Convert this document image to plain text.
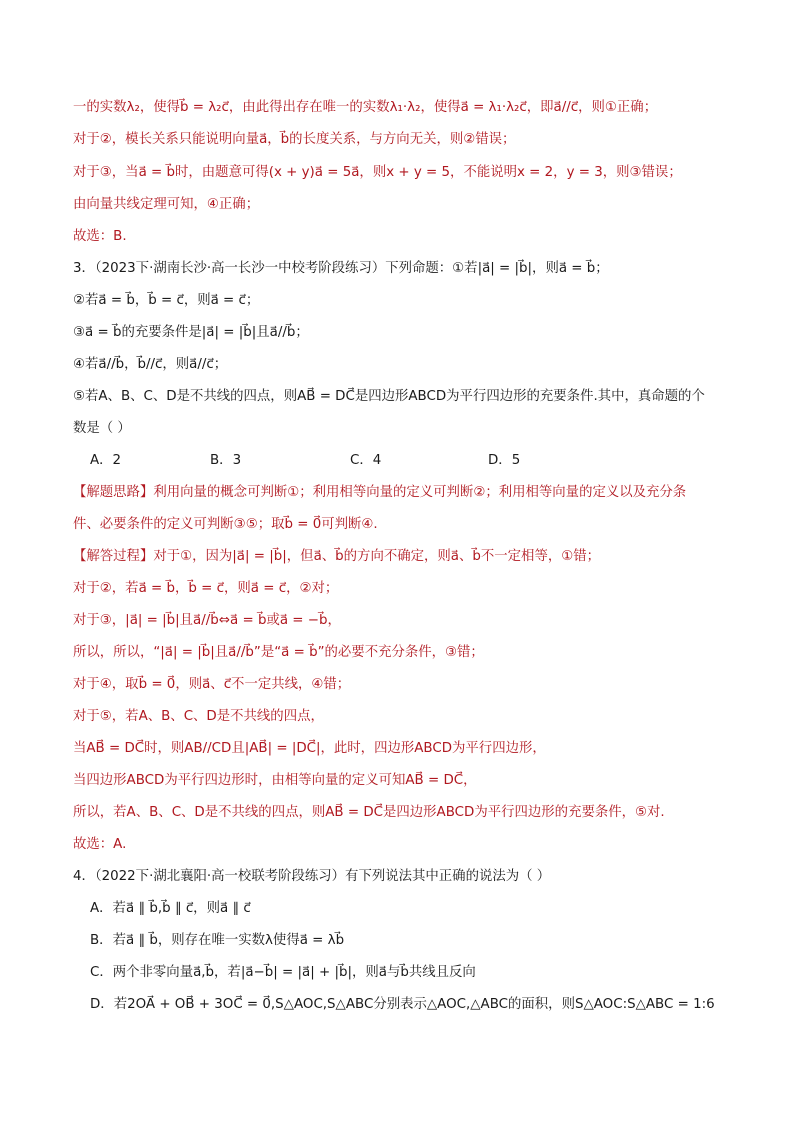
一的实数λ₂，使得b⃗ = λ₂c⃗，由此得出存在唯一的实数λ₁·λ₂，使得a⃗ = λ₁·λ₂c⃗，即a⃗//c⃗，则①正确；
对于②，模长关系只能说明向量a⃗，b⃗的长度关系，与方向无关，则②错误；
对于③，当a⃗ = b⃗时，由题意可得(x + y)a⃗ = 5a⃗，则x + y = 5，不能说明x = 2，y = 3，则③错误；
由向量共线定理可知，④正确；
故选：B.
3．（2023下·湖南长沙·高一长沙一中校考阶段练习）下列命题：①若|a⃗| = |b⃗|，则a⃗ = b⃗；
②若a⃗ = b⃗，b⃗ = c⃗，则a⃗ = c⃗；
③a⃗ = b⃗的充要条件是|a⃗| = |b⃗|且a⃗//b⃗；
④若a⃗//b⃗，b⃗//c⃗，则a⃗//c⃗；
⑤若A、B、C、D是不共线的四点，则AB⃗ = DC⃗是四边形ABCD为平行四边形的充要条件.其中，真命题的个
数是（ ）
A．2	B．3	C．4	D．5
【解题思路】利用向量的概念可判断①；利用相等向量的定义可判断②；利用相等向量的定义以及充分条
件、必要条件的定义可判断③⑤；取b⃗ = 0⃗可判断④.
【解答过程】对于①，因为|a⃗| = |b⃗|，但a⃗、b⃗的方向不确定，则a⃗、b⃗不一定相等，①错；
对于②，若a⃗ = b⃗，b⃗ = c⃗，则a⃗ = c⃗，②对；
对于③，|a⃗| = |b⃗|且a⃗//b⃗⇔a⃗ = b⃗或a⃗ = −b⃗，
所以，所以，“|a⃗| = |b⃗|且a⃗//b⃗”是“a⃗ = b⃗”的必要不充分条件，③错；
对于④，取b⃗ = 0⃗，则a⃗、c⃗不一定共线，④错；
对于⑤，若A、B、C、D是不共线的四点，
当AB⃗ = DC⃗时，则AB//CD且|AB⃗| = |DC⃗|，此时，四边形ABCD为平行四边形，
当四边形ABCD为平行四边形时，由相等向量的定义可知AB⃗ = DC⃗，
所以，若A、B、C、D是不共线的四点，则AB⃗ = DC⃗是四边形ABCD为平行四边形的充要条件，⑤对.
故选：A.
4．（2022下·湖北襄阳·高一校联考阶段练习）有下列说法其中正确的说法为（ ）
A．若a⃗ ∥ b⃗,b⃗ ∥ c⃗，则a⃗ ∥ c⃗
B．若a⃗ ∥ b⃗，则存在唯一实数λ使得a⃗ = λb⃗
C．两个非零向量a⃗,b⃗，若|a⃗−b⃗| = |a⃗| + |b⃗|，则a⃗与b⃗共线且反向
D．若2OA⃗ + OB⃗ + 3OC⃗ = 0⃗,S△AOC,S△ABC分别表示△AOC,△ABC的面积，则S△AOC:S△ABC = 1:6
